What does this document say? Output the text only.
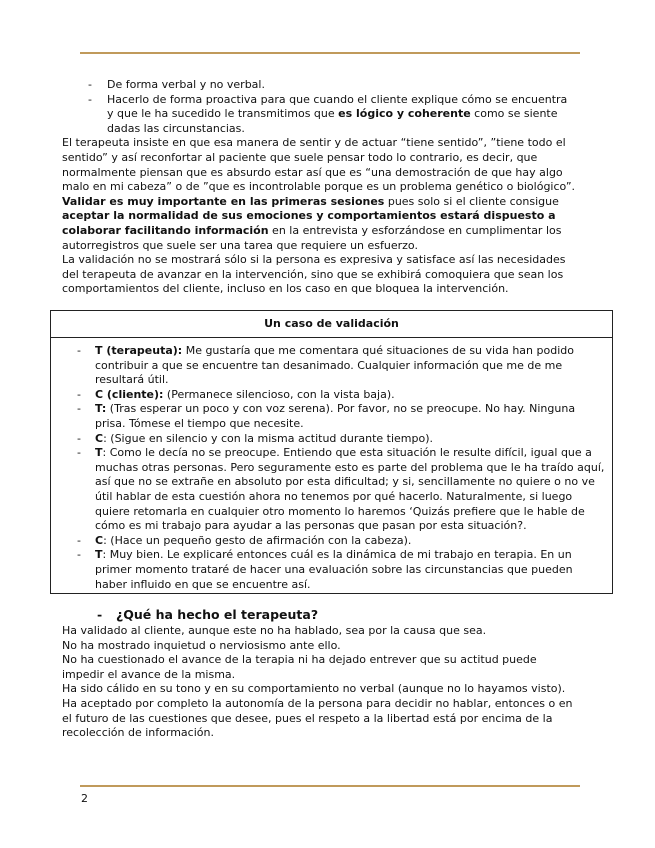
- De forma verbal y no verbal.
- Hacerlo de forma proactiva para que cuando el cliente explique cómo se encuentra y que le ha sucedido le transmitimos que es lógico y coherente como se siente dadas las circunstancias.

El terapeuta insiste en que esa manera de sentir y de actuar “tiene sentido”, ”tiene todo el sentido” y así reconfortar al paciente que suele pensar todo lo contrario, es decir, que normalmente piensan que es absurdo estar así que es “una demostración de que hay algo malo en mi cabeza” o de ”que es incontrolable porque es un problema genético o biológico”.

Validar es muy importante en las primeras sesiones pues solo si el cliente consigue aceptar la normalidad de sus emociones y comportamientos estará dispuesto a colaborar facilitando información en la entrevista y esforzándose en cumplimentar los autorregistros que suele ser una tarea que requiere un esfuerzo.

La validación no se mostrará sólo si la persona es expresiva y satisface así las necesidades del terapeuta de avanzar en la intervención, sino que se exhibirá comoquiera que sean los comportamientos del cliente, incluso en los caso en que bloquea la intervención.

Un caso de validación
- T (terapeuta): Me gustaría que me comentara qué situaciones de su vida han podido contribuir a que se encuentre tan desanimado. Cualquier información que me de me resultará útil.
- C (cliente): (Permanece silencioso, con la vista baja).
- T: (Tras esperar un poco y con voz serena). Por favor, no se preocupe. No hay. Ninguna prisa. Tómese el tiempo que necesite.
- C: (Sigue en silencio y con la misma actitud durante tiempo).
- T: Como le decía no se preocupe. Entiendo que esta situación le resulte difícil, igual que a muchas otras personas. Pero seguramente esto es parte del problema que le ha traído aquí, así que no se extrañe en absoluto por esta dificultad; y si, sencillamente no quiere o no ve útil hablar de esta cuestión ahora no tenemos por qué hacerlo. Naturalmente, si luego quiere retomarla en cualquier otro momento lo haremos ‘Quizás prefiere que le hable de cómo es mi trabajo para ayudar a las personas que pasan por esta situación?.
- C: (Hace un pequeño gesto de afirmación con la cabeza).
- T: Muy bien. Le explicaré entonces cuál es la dinámica de mi trabajo en terapia. En un primer momento trataré de hacer una evaluación sobre las circunstancias que pueden haber influido en que se encuentre así.
- ¿Qué ha hecho el terapeuta?

Ha validado al cliente, aunque este no ha hablado, sea por la causa que sea.

No ha mostrado inquietud o nerviosismo ante ello.

No ha cuestionado el avance de la terapia ni ha dejado entrever que su actitud puede impedir el avance de la misma.

Ha sido cálido en su tono y en su comportamiento no verbal (aunque no lo hayamos visto). Ha aceptado por completo la autonomía de la persona para decidir no hablar, entonces o en el futuro de las cuestiones que desee, pues el respeto a la libertad está por encima de la recolección de información.

2
